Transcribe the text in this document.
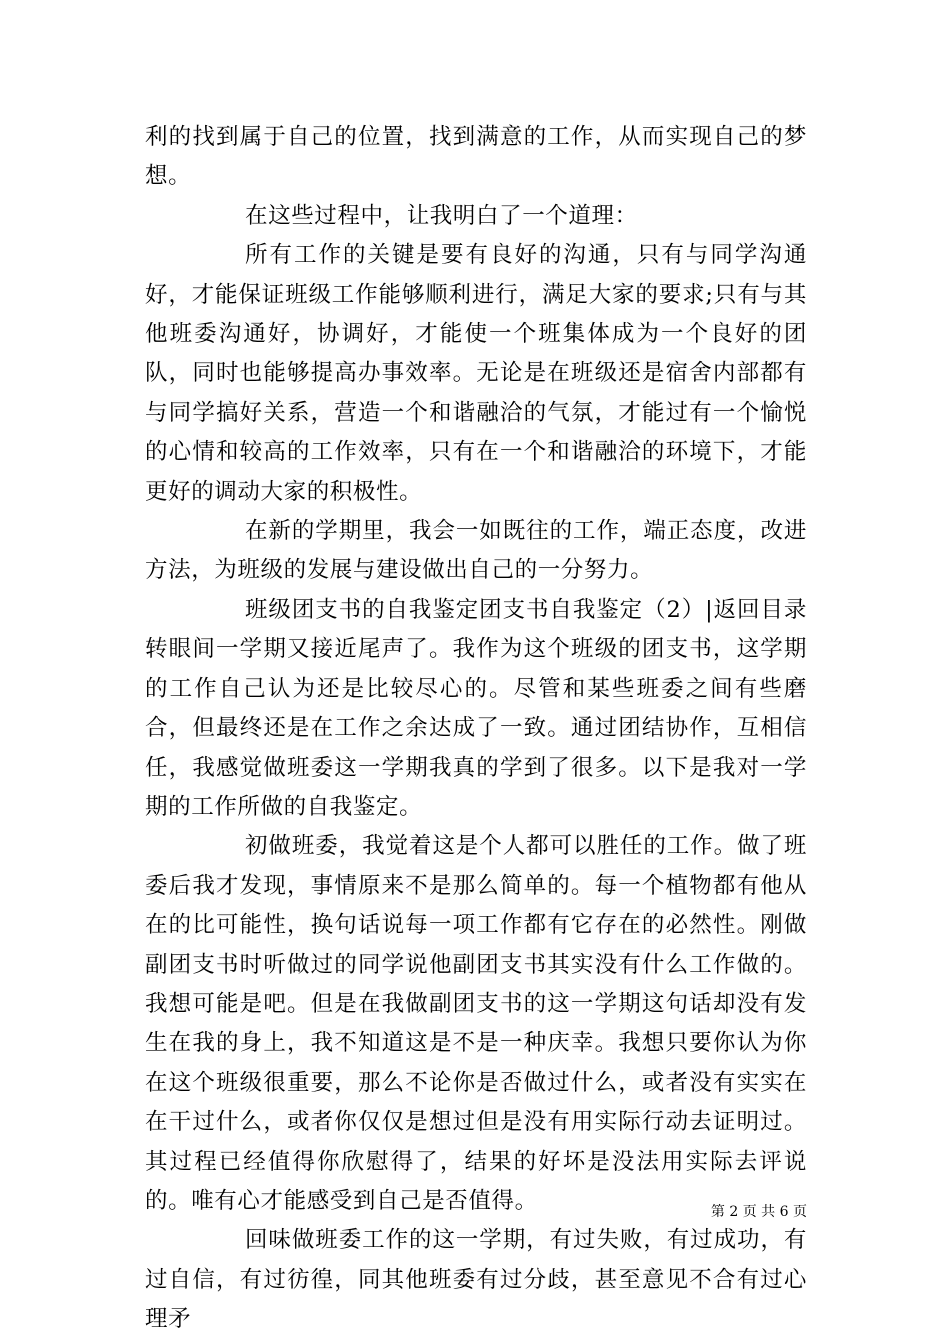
利的找到属于自己的位置，找到满意的工作，从而实现自己的梦想。

在这些过程中，让我明白了一个道理：

所有工作的关键是要有良好的沟通，只有与同学沟通好，才能保证班级工作能够顺利进行，满足大家的要求;只有与其他班委沟通好，协调好，才能使一个班集体成为一个良好的团队，同时也能够提高办事效率。无论是在班级还是宿舍内部都有与同学搞好关系，营造一个和谐融洽的气氛，才能过有一个愉悦的心情和较高的工作效率，只有在一个和谐融洽的环境下，才能更好的调动大家的积极性。

在新的学期里，我会一如既往的工作，端正态度，改进方法，为班级的发展与建设做出自己的一分努力。

班级团支书的自我鉴定团支书自我鉴定（2）|返回目录转眼间一学期又接近尾声了。我作为这个班级的团支书，这学期的工作自己认为还是比较尽心的。尽管和某些班委之间有些磨合，但最终还是在工作之余达成了一致。通过团结协作，互相信任，我感觉做班委这一学期我真的学到了很多。以下是我对一学期的工作所做的自我鉴定。

初做班委，我觉着这是个人都可以胜任的工作。做了班委后我才发现，事情原来不是那么简单的。每一个植物都有他从在的比可能性，换句话说每一项工作都有它存在的必然性。刚做副团支书时听做过的同学说他副团支书其实没有什么工作做的。我想可能是吧。但是在我做副团支书的这一学期这句话却没有发生在我的身上，我不知道这是不是一种庆幸。我想只要你认为你在这个班级很重要，那么不论你是否做过什么，或者没有实实在在干过什么，或者你仅仅是想过但是没有用实际行动去证明过。其过程已经值得你欣慰得了，结果的好坏是没法用实际去评说的。唯有心才能感受到自己是否值得。

回味做班委工作的这一学期，有过失败，有过成功，有过自信，有过彷徨，同其他班委有过分歧，甚至意见不合有过心理矛

第 2 页 共 6 页
